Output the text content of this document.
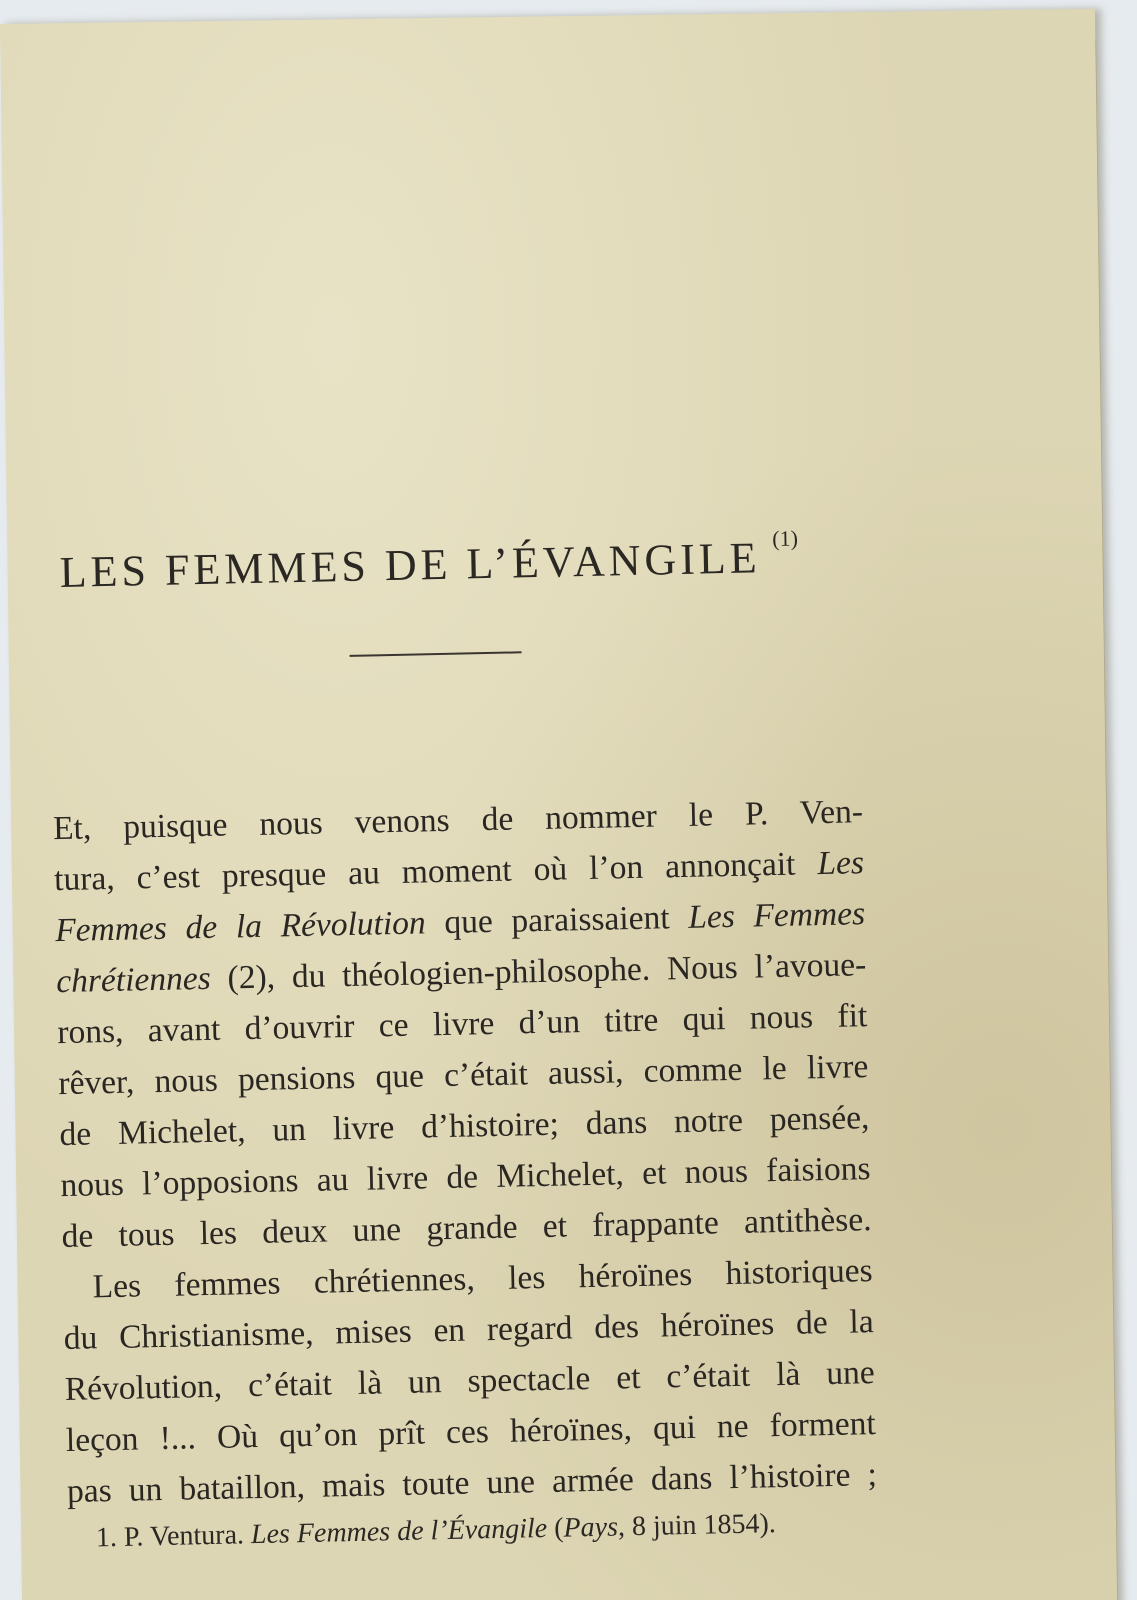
LES FEMMES DE L’ÉVANGILE $^{(1)}$
Et, puisque nous venons de nommer le P. Ven-
tura, c’est presque au moment où l’on annonçait Les
Femmes de la Révolution que paraissaient Les Femmes
chrétiennes (2), du théologien-philosophe. Nous l’avoue-
rons, avant d’ouvrir ce livre d’un titre qui nous fit
rêver, nous pensions que c’était aussi, comme le livre
de Michelet, un livre d’histoire; dans notre pensée,
nous l’opposions au livre de Michelet, et nous faisions
de tous les deux une grande et frappante antithèse.
Les femmes chrétiennes, les héroïnes historiques
du Christianisme, mises en regard des héroïnes de la
Révolution, c’était là un spectacle et c’était là une
leçon !... Où qu’on prît ces héroïnes, qui ne forment
pas un bataillon, mais toute une armée dans l’histoire ;
1. P. Ventura. Les Femmes de l’Évangile (Pays, 8 juin 1854).
